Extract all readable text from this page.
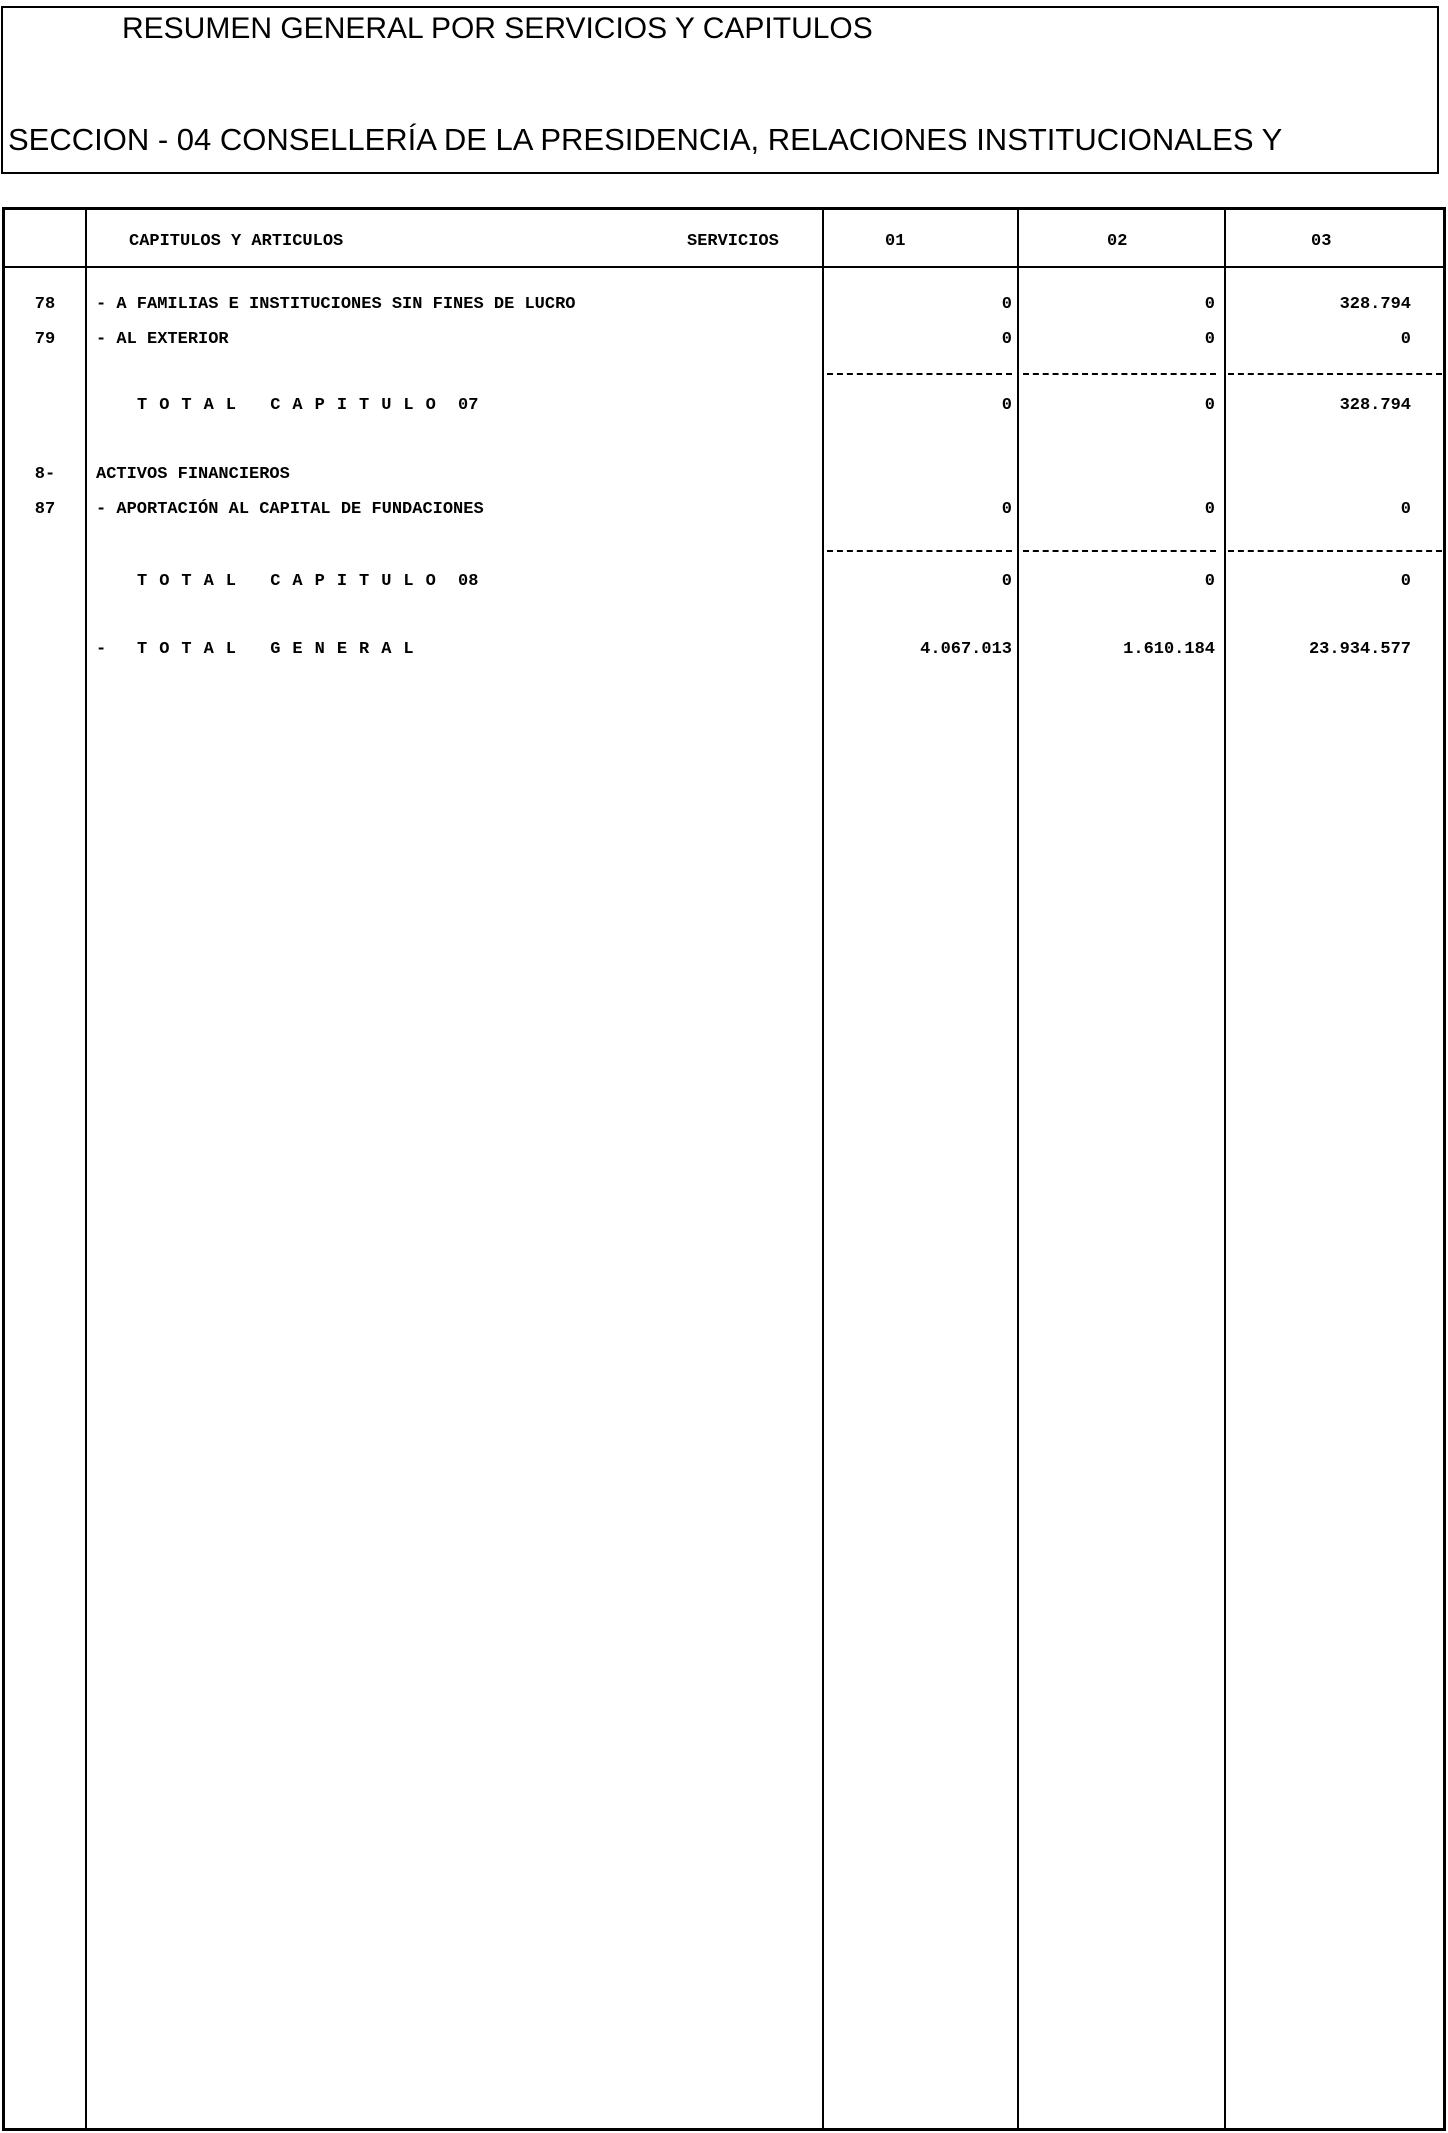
RESUMEN GENERAL POR SERVICIOS Y CAPITULOS
SECCION - 04 CONSELLERÍA DE LA PRESIDENCIA, RELACIONES INSTITUCIONALES Y
CAPITULOS Y ARTICULOS	SERVICIOS	01	02	03
78	- A FAMILIAS E INSTITUCIONES SIN FINES DE LUCRO	0	0	328.794
79	- AL EXTERIOR	0	0	0
TOTAL CAPITULO 07	0	0	328.794
8-	ACTIVOS FINANCIEROS
87	- APORTACIÓN AL CAPITAL DE FUNDACIONES	0	0	0
TOTAL CAPITULO 08	0	0	0
- TOTAL GENERAL	4.067.013	1.610.184	23.934.577
